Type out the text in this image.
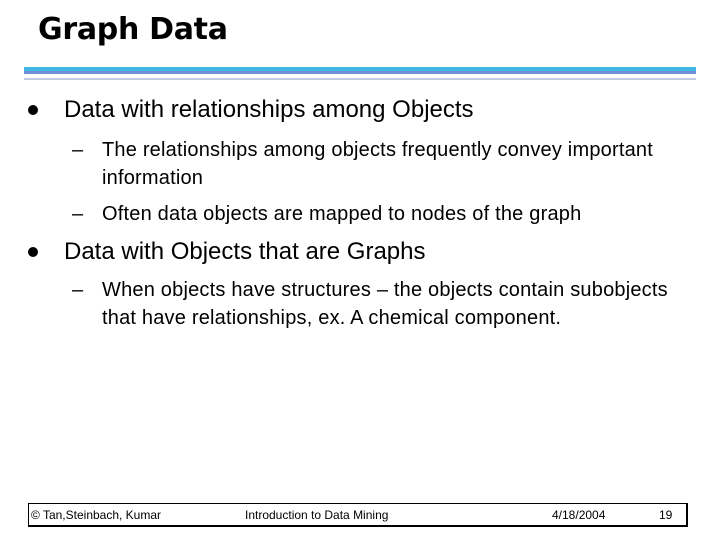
Graph Data
Data with relationships among Objects
– The relationships among objects frequently convey important information
– Often data objects are mapped to nodes of the graph
Data with Objects that are Graphs
– When objects have structures – the objects contain subobjects that have relationships, ex. A chemical component.
© Tan,Steinbach, Kumar	Introduction to Data Mining	4/18/2004	19
